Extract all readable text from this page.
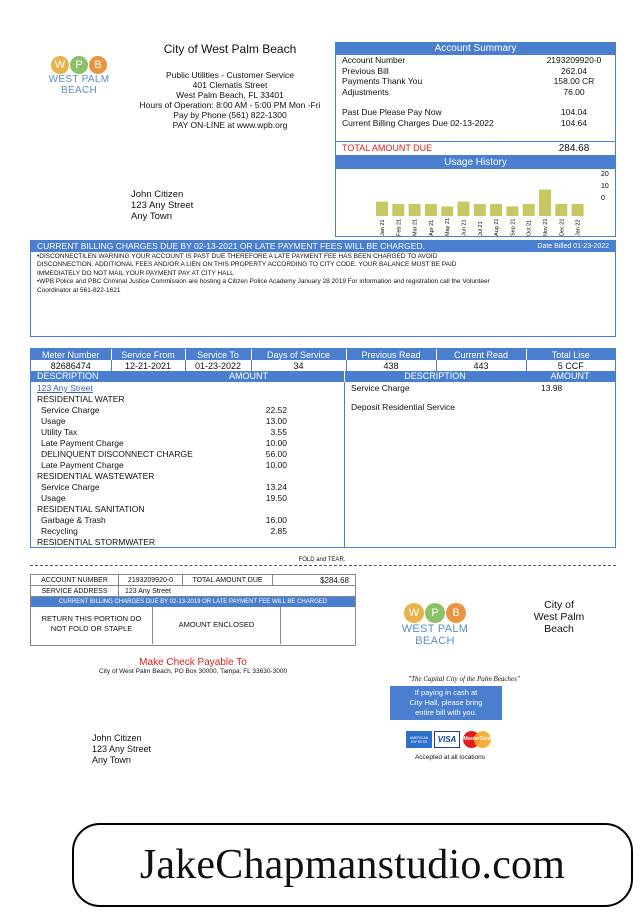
W P	B
WEST PALM BEACH
City of West Palm Beach
Public Utilities - Customer Service
401 Clematis Street
West Palm Beach, FL 33401
Hours of Operation: 8:00 AM - 5:00 PM Mon -Fri
Pay by Phone (561) 822-1300
PAY ON-LINE at www.wpb.org
John Citizen
123 Any Street
Any Town
Account Summary
Account Number	2193209920-0
Previous Bill	262.04
Payments Thank You	158.00 CR
Adjustments	76.00
Past Due Please Pay Now	104.04
Current Billing Charges Due 02-13-2022	104.64
TOTAL AMOUNT DUE	284.68
Usage History
Jan 21 Feb 21 Mar 21 Apr 21 May 21 Jun 21 Jul 21 Aug 21 Sep 21 Oct 21 Nov 21 Dec 21 Jan 22
20
10
0
CURRENT BILLING CHARGES DUE BY 02-13-2021 OR LATE PAYMENT FEES WILL BE CHARGED.	Date Billed 01-23-2022
•DISCONNECTILEN WARNING YOUR ACCOUNT IS PAST DUE THEREFORE A LATE PAYMENT FEE HAS BEEN CHARGED TO AVOID
DISCONNECTION. ADDITIONAL FEES AND/OR A LIEN ON THIS PROPERTY ACCORDING TO CITY CODE, YOUR BALANCE MUST BE PAID
IMMEDIATELY DO NOT MAIL YOUR PAYMENT PAY AT CITY HALL
•WPB Police and PBC Criminal Justice Commission are hosting a Citizen Police Academy January 28 2019 For information and registration call the Volunteer
Coordinator at 561-822-1621
Meter Number	Service From	Service To	Days of Service	Previous Read	Current Read	Total Lise
82686474	12-21-2021	01-23-2022	34	438	443	5 CCF
DESCRIPTION	AMOUNT	DESCRIPTION	AMOUNT
123 Any Street
RESIDENTIAL WATER
Service Charge	22.52
Usage	13.00
Utility Tax	3.55
Late Payment Charge	10.00
DELINQUENT DISCONNECT CHARGE	56.00
Late Payment Charge	10.00
RESIDENTIAL WASTEWATER
Service Charge	13.24
Usage	19.50
RESIDENTIAL SANITATION
Garbage & Trash	16.00
Recycling	2.85
RESIDENTIAL STORMWATER
Service Charge	13.98
Deposit Residential Service
FOLD and TEAR.
ACCOUNT NUMBER	2193209920-0	TOTAL AMOUNT DUE	$284.68
SERVICE ADDRESS	123 Any Street
CURRENT BILLING CHARGES DUE BY 02-13-2019 OR LATE PAYMENT FEE WILL BE CHARGED
RETURN THIS PORTION DO NOT FOLD OR STAPLE	AMOUNT ENCLOSED
W	P	B
WEST PALM BEACH
City of
West Palm
Beach
Make Check Payable To
City of West Palm Beach, PO Box 30000, Tampa, FL 33630-3000
"The Capital City of the Palm Beaches"
If paying in cash at
City Hall, please bring
entire bill with you.
AMERICAN EXPRESS	VISA MasterCard
Accepted at all locations
John Citizen
123 Any Street
Any Town
JakeChapmanstudio.com
